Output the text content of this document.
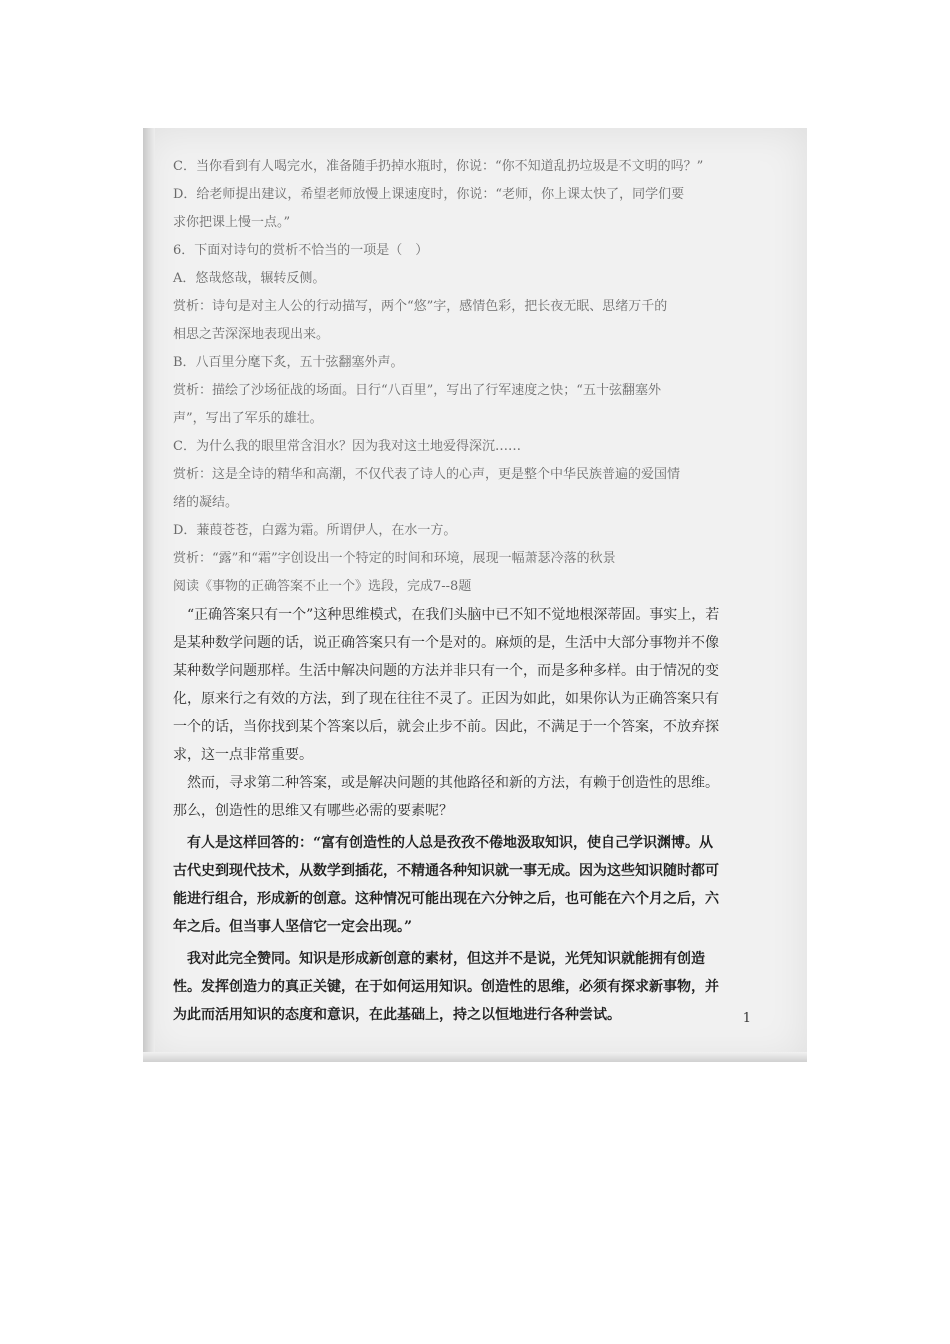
C．当你看到有人喝完水，准备随手扔掉水瓶时，你说：“你不知道乱扔垃圾是不文明的吗？”
D．给老师提出建议，希望老师放慢上课速度时，你说：“老师，你上课太快了，同学们要
求你把课上慢一点。”
6．下面对诗句的赏析不恰当的一项是（　）
A．悠哉悠哉，辗转反侧。
赏析：诗句是对主人公的行动描写，两个“悠”字，感情色彩，把长夜无眠、思绪万千的
相思之苦深深地表现出来。
B．八百里分麾下炙，五十弦翻塞外声。
赏析：描绘了沙场征战的场面。日行“八百里”，写出了行军速度之快；“五十弦翻塞外
声”，写出了军乐的雄壮。
C．为什么我的眼里常含泪水？因为我对这土地爱得深沉……
赏析：这是全诗的精华和高潮，不仅代表了诗人的心声，更是整个中华民族普遍的爱国情
绪的凝结。
D．蒹葭苍苍，白露为霜。所谓伊人，在水一方。
赏析：“露”和“霜”字创设出一个特定的时间和环境，展现一幅萧瑟冷落的秋景
阅读《事物的正确答案不止一个》选段，完成7--8题
　“正确答案只有一个”这种思维模式，在我们头脑中已不知不觉地根深蒂固。事实上，若
是某种数学问题的话，说正确答案只有一个是对的。麻烦的是，生活中大部分事物并不像
某种数学问题那样。生活中解决问题的方法并非只有一个，而是多种多样。由于情况的变
化，原来行之有效的方法，到了现在往往不灵了。正因为如此，如果你认为正确答案只有
一个的话，当你找到某个答案以后，就会止步不前。因此，不满足于一个答案，不放弃探
求，这一点非常重要。
　然而，寻求第二种答案，或是解决问题的其他路径和新的方法，有赖于创造性的思维。
那么，创造性的思维又有哪些必需的要素呢？
　有人是这样回答的：“富有创造性的人总是孜孜不倦地汲取知识，使自己学识渊博。从
古代史到现代技术，从数学到插花，不精通各种知识就一事无成。因为这些知识随时都可
能进行组合，形成新的创意。这种情况可能出现在六分钟之后，也可能在六个月之后，六
年之后。但当事人坚信它一定会出现。”
　我对此完全赞同。知识是形成新创意的素材，但这并不是说，光凭知识就能拥有创造
性。发挥创造力的真正关键，在于如何运用知识。创造性的思维，必须有探求新事物，并
为此而活用知识的态度和意识，在此基础上，持之以恒地进行各种尝试。	1
